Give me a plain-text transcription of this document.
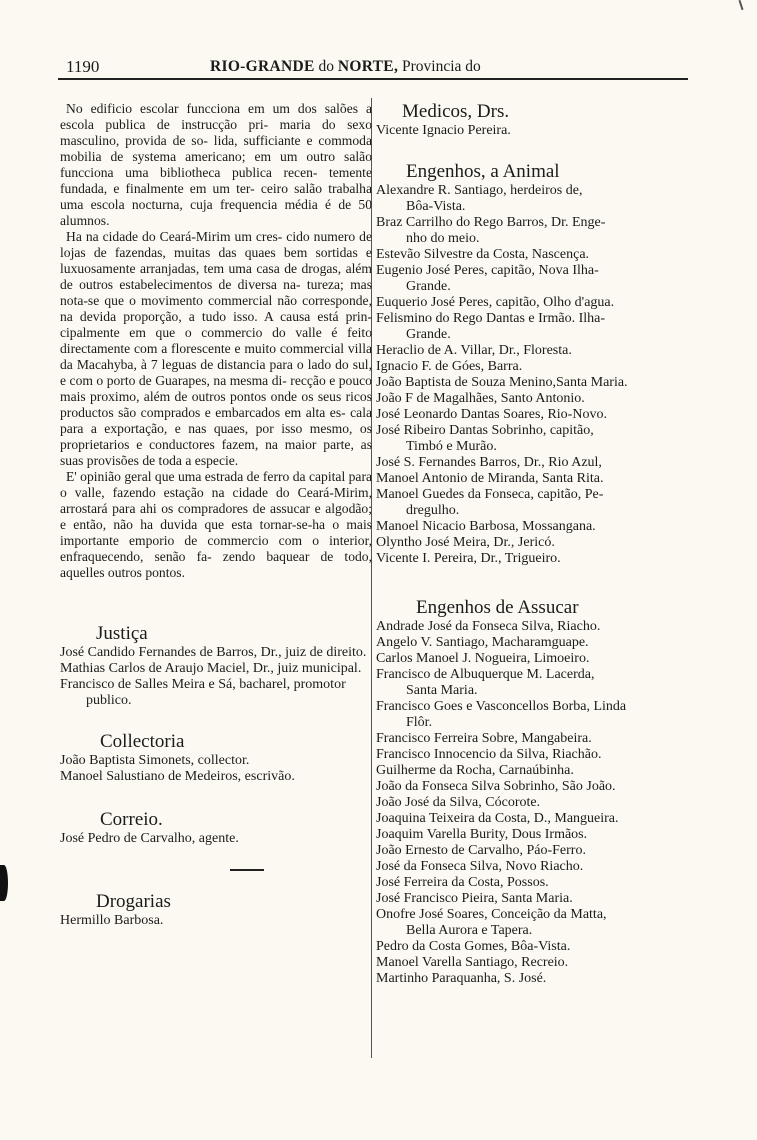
1190	RIO-GRANDE do NORTE, Provincia do

No edificio escolar funcciona em um dos salões a escola publica de instrucção pri- maria do sexo masculino, provida de so- lida, sufficiante e commoda mobilia de systema americano; em um outro salão funcciona uma bibliotheca publica recen- temente fundada, e finalmente em um ter- ceiro salão trabalha uma escola nocturna, cuja frequencia média é de 50 alumnos.

Ha na cidade do Ceará-Mirim um cres- cido numero de lojas de fazendas, muitas das quaes bem sortidas e luxuosamente arranjadas, tem uma casa de drogas, além de outros estabelecimentos de diversa na- tureza; mas nota-se que o movimento commercial não corresponde, na devida proporção, a tudo isso. A causa está prin- cipalmente em que o commercio do valle é feito directamente com a florescente e muito commercial villa da Macahyba, à 7 leguas de distancia para o lado do sul, e com o porto de Guarapes, na mesma di- recção e pouco mais proximo, além de outros pontos onde os seus ricos productos são comprados e embarcados em alta es- cala para a exportação, e nas quaes, por isso mesmo, os proprietarios e conductores fazem, na maior parte, as suas provisões de toda a especie.

E' opinião geral que uma estrada de ferro da capital para o valle, fazendo estação na cidade do Ceará-Mirim, arrostará para ahi os compradores de assucar e algodão; e então, não ha duvida que esta tornar-se-ha o mais importante emporio de commercio com o interior, enfraquecendo, senão fa- zendo baquear de todo, aquelles outros pontos.

Justiça

José Candido Fernandes de Barros, Dr., juiz de direito.

Mathias Carlos de Araujo Maciel, Dr., juiz municipal.

Francisco de Salles Meira e Sá, bacharel, promotor publico.

Collectoria

João Baptista Simonets, collector.

Manoel Salustiano de Medeiros, escrivão.

Correio.

José Pedro de Carvalho, agente.

Drogarias

Hermillo Barbosa.

Medicos, Drs.

Vicente Ignacio Pereira.

Engenhos, a Animal

Alexandre R. Santiago, herdeiros de,

Bôa-Vista.

Braz Carrilho do Rego Barros, Dr. Enge-

nho do meio.

Estevão Silvestre da Costa, Nascença.

Eugenio José Peres, capitão, Nova Ilha-

Grande.

Euquerio José Peres, capitão, Olho d'agua.

Felismino do Rego Dantas e Irmão. Ilha-

Grande.

Heraclio de A. Villar, Dr., Floresta.

Ignacio F. de Góes, Barra.

João Baptista de Souza Menino,Santa Maria.

João F de Magalhães, Santo Antonio.

José Leonardo Dantas Soares, Rio-Novo.

José Ribeiro Dantas Sobrinho, capitão,

Timbó e Murão.

José S. Fernandes Barros, Dr., Rio Azul,

Manoel Antonio de Miranda, Santa Rita.

Manoel Guedes da Fonseca, capitão, Pe-

dregulho.

Manoel Nicacio Barbosa, Mossangana.

Olyntho José Meira, Dr., Jericó.

Vicente I. Pereira, Dr., Trigueiro.

Engenhos de Assucar

Andrade José da Fonseca Silva, Riacho.

Angelo V. Santiago, Macharamguape.

Carlos Manoel J. Nogueira, Limoeiro.

Francisco de Albuquerque M. Lacerda,

Santa Maria.

Francisco Goes e Vasconcellos Borba, Linda

Flôr.

Francisco Ferreira Sobre, Mangabeira.

Francisco Innocencio da Silva, Riachão.

Guilherme da Rocha, Carnaúbinha.

João da Fonseca Silva Sobrinho, São João.

João José da Silva, Cócorote.

Joaquina Teixeira da Costa, D., Mangueira.

Joaquim Varella Burity, Dous Irmãos.

João Ernesto de Carvalho, Páo-Ferro.

José da Fonseca Silva, Novo Riacho.

José Ferreira da Costa, Possos.

José Francisco Pieira, Santa Maria.

Onofre José Soares, Conceição da Matta,

Bella Aurora e Tapera.

Pedro da Costa Gomes, Bôa-Vista.

Manoel Varella Santiago, Recreio.

Martinho Paraquanha, S. José.
